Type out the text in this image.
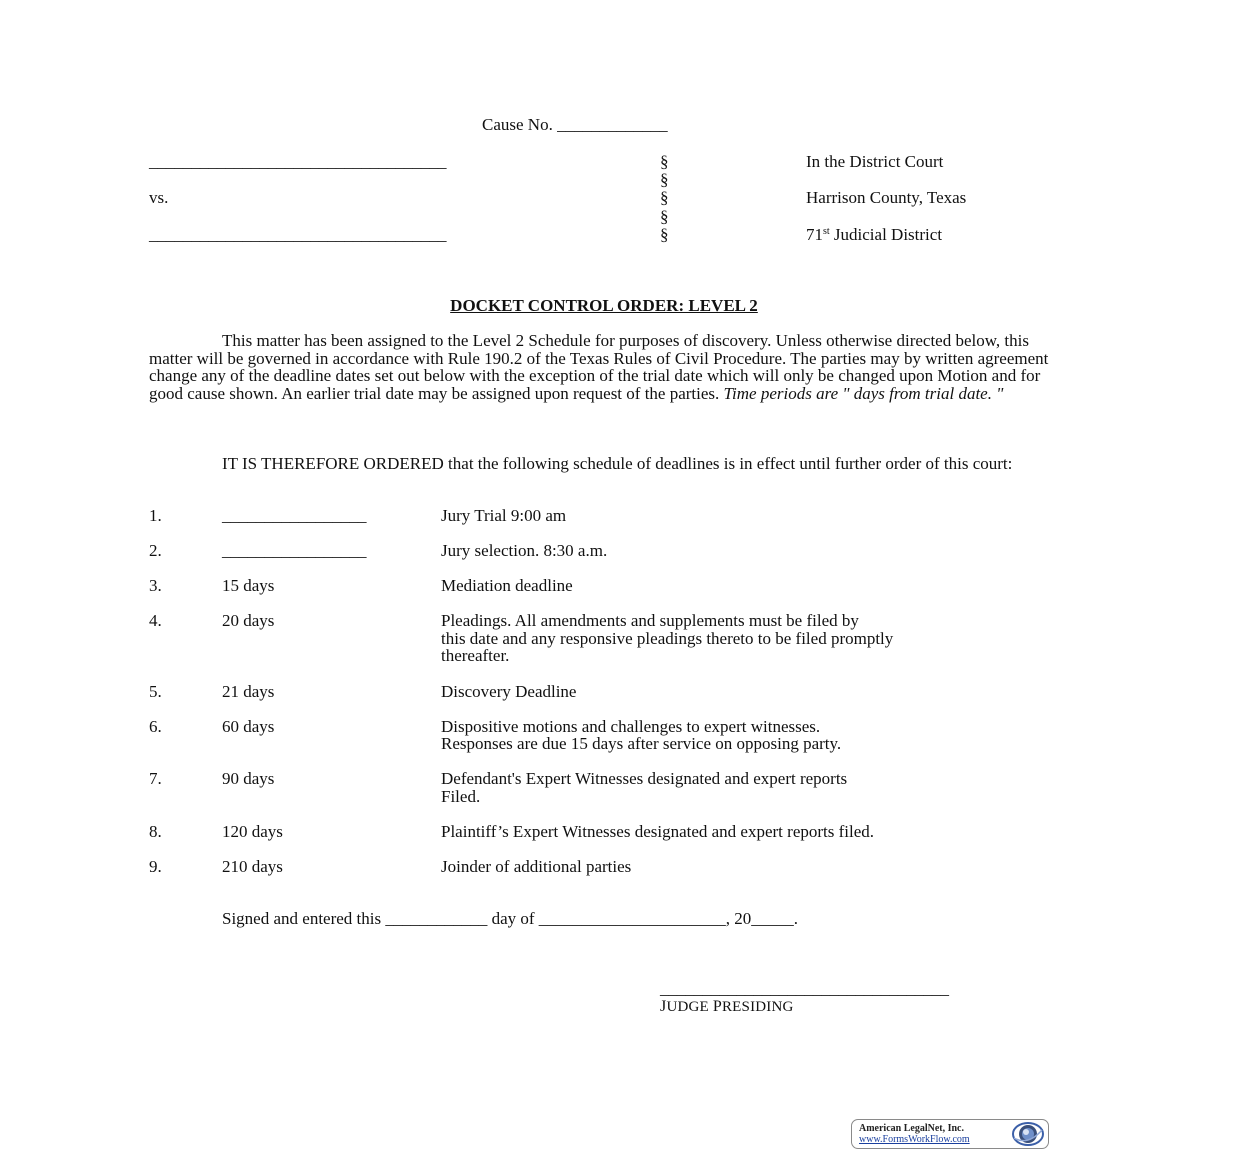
Cause No. _____________
___________________________________	§	In the District Court
§
vs.	§	Harrison County, Texas
§
___________________________________	§	71st Judicial District
DOCKET CONTROL ORDER: LEVEL 2
This matter has been assigned to the Level 2 Schedule for purposes of discovery. Unless otherwise directed below, this matter will be governed in accordance with Rule 190.2 of the Texas Rules of Civil Procedure. The parties may by written agreement change any of the deadline dates set out below with the exception of the trial date which will only be changed upon Motion and for good cause shown. An earlier trial date may be assigned upon request of the parties. Time periods are " days from trial date. "
IT IS THEREFORE ORDERED that the following schedule of deadlines is in effect until further order of this court:
1.	_________________	Jury Trial 9:00 am
2.	_________________	Jury selection. 8:30 a.m.
3.	15 days	Mediation deadline
4.	20 days	Pleadings. All amendments and supplements must be filed by
this date and any responsive pleadings thereto to be filed promptly
thereafter.
5.	21 days	Discovery Deadline
6.	60 days	Dispositive motions and challenges to expert witnesses.
Responses are due 15 days after service on opposing party.
7.	90 days	Defendant's Expert Witnesses designated and expert reports
Filed.
8.	120 days	Plaintiff’s Expert Witnesses designated and expert reports filed.
9.	210 days	Joinder of additional parties
Signed and entered this ____________ day of ______________________, 20_____.
__________________________________
JUDGE PRESIDING
American LegalNet, Inc.
www.FormsWorkFlow.com
